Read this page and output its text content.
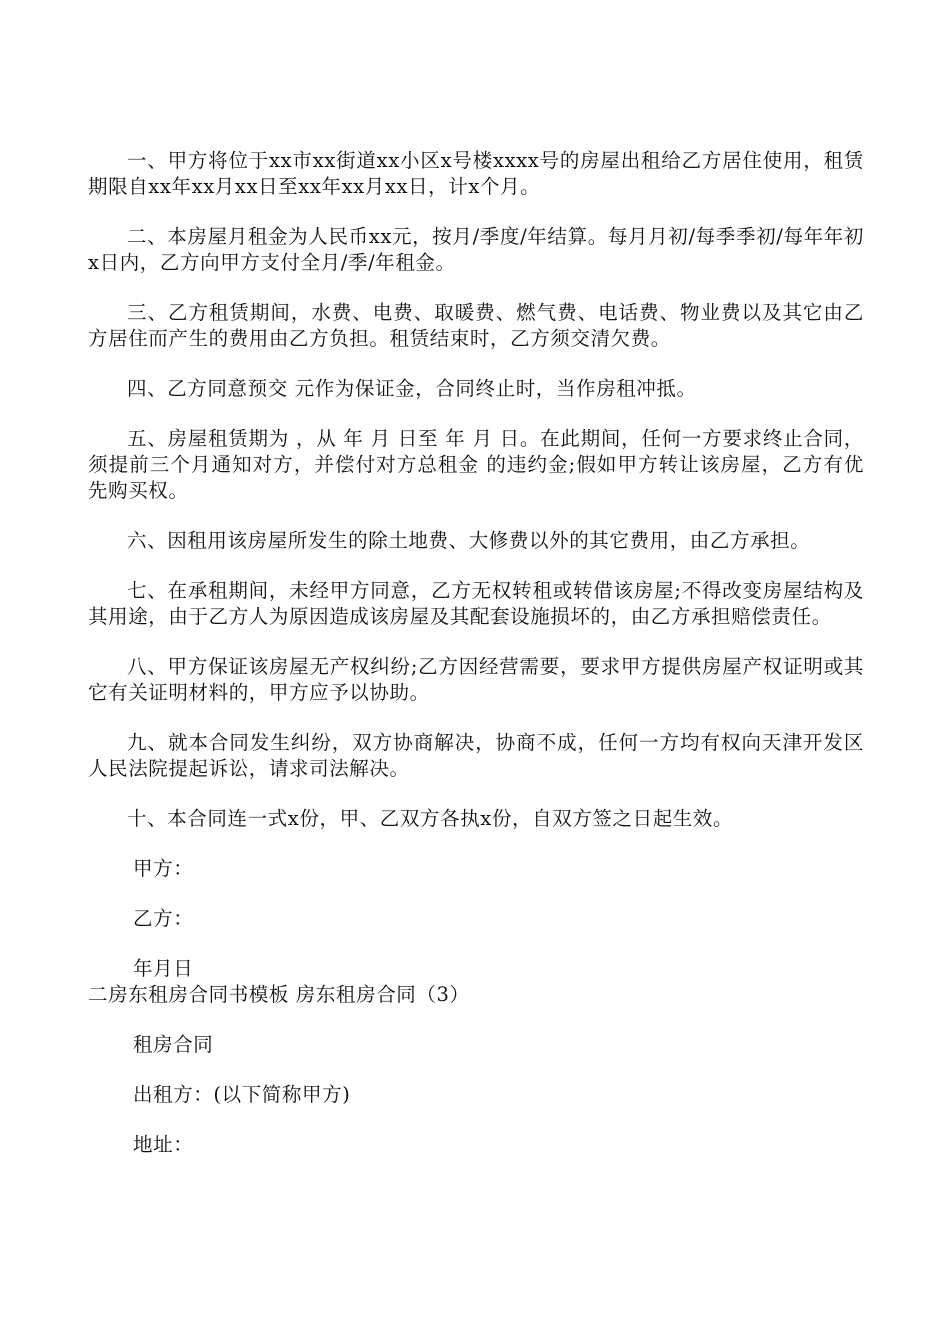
一、甲方将位于xx市xx街道xx小区x号楼xxxx号的房屋出租给乙方居住使用，租赁期限自xx年xx月xx日至xx年xx月xx日，计x个月。

二、本房屋月租金为人民币xx元，按月/季度/年结算。每月月初/每季季初/每年年初x日内，乙方向甲方支付全月/季/年租金。

三、乙方租赁期间，水费、电费、取暖费、燃气费、电话费、物业费以及其它由乙方居住而产生的费用由乙方负担。租赁结束时，乙方须交清欠费。

四、乙方同意预交 元作为保证金，合同终止时，当作房租冲抵。

五、房屋租赁期为 ，从 年 月 日至 年 月 日。在此期间，任何一方要求终止合同，须提前三个月通知对方，并偿付对方总租金 的违约金;假如甲方转让该房屋，乙方有优先购买权。

六、因租用该房屋所发生的除土地费、大修费以外的其它费用，由乙方承担。

七、在承租期间，未经甲方同意，乙方无权转租或转借该房屋;不得改变房屋结构及其用途，由于乙方人为原因造成该房屋及其配套设施损坏的，由乙方承担赔偿责任。

八、甲方保证该房屋无产权纠纷;乙方因经营需要，要求甲方提供房屋产权证明或其它有关证明材料的，甲方应予以协助。

九、就本合同发生纠纷，双方协商解决，协商不成，任何一方均有权向天津开发区人民法院提起诉讼，请求司法解决。

十、本合同连一式x份，甲、乙双方各执x份，自双方签之日起生效。

甲方：

乙方：

年月日

二房东租房合同书模板 房东租房合同（3）

租房合同

出租方：(以下简称甲方)

地址：
